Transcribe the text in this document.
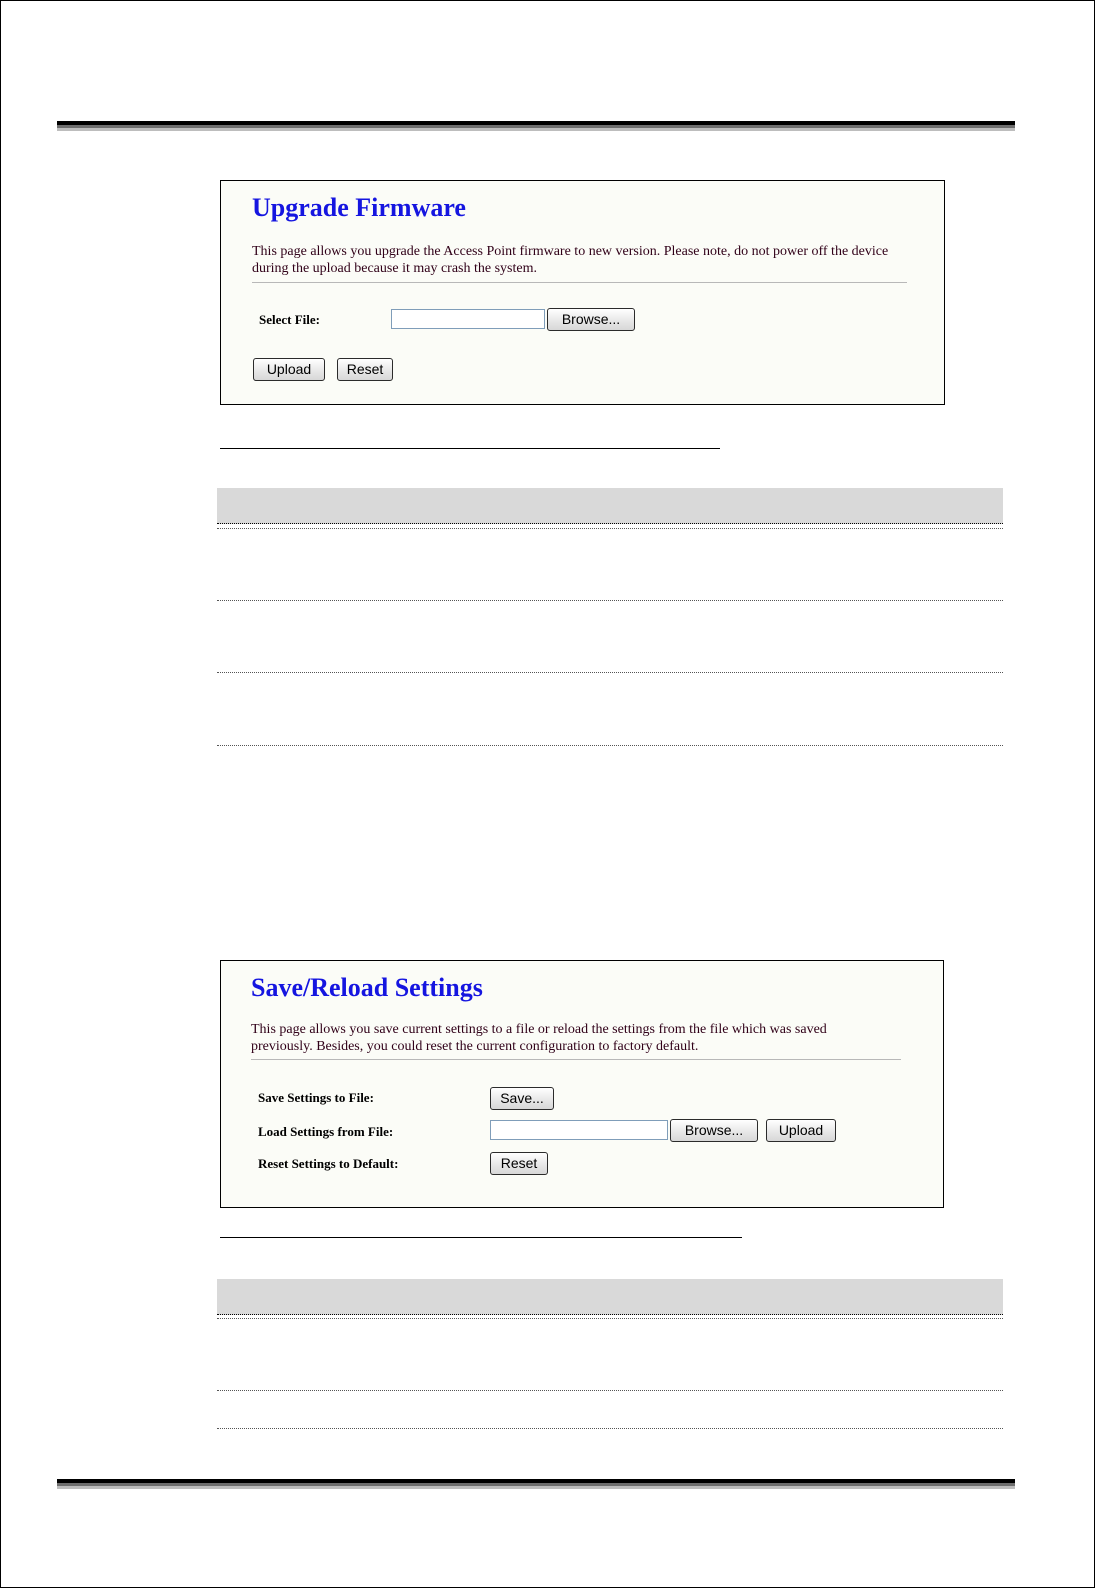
Upgrade Firmware

This page allows you upgrade the Access Point firmware to new version. Please note, do not power off the device during the upload because it may crash the system.

Select File:	Browse...
Upload	Reset
Save/Reload Settings

This page allows you save current settings to a file or reload the settings from the file which was saved previously. Besides, you could reset the current configuration to factory default.

Save Settings to File:	Save...
Load Settings from File:	Browse...	Upload
Reset Settings to Default:	Reset
